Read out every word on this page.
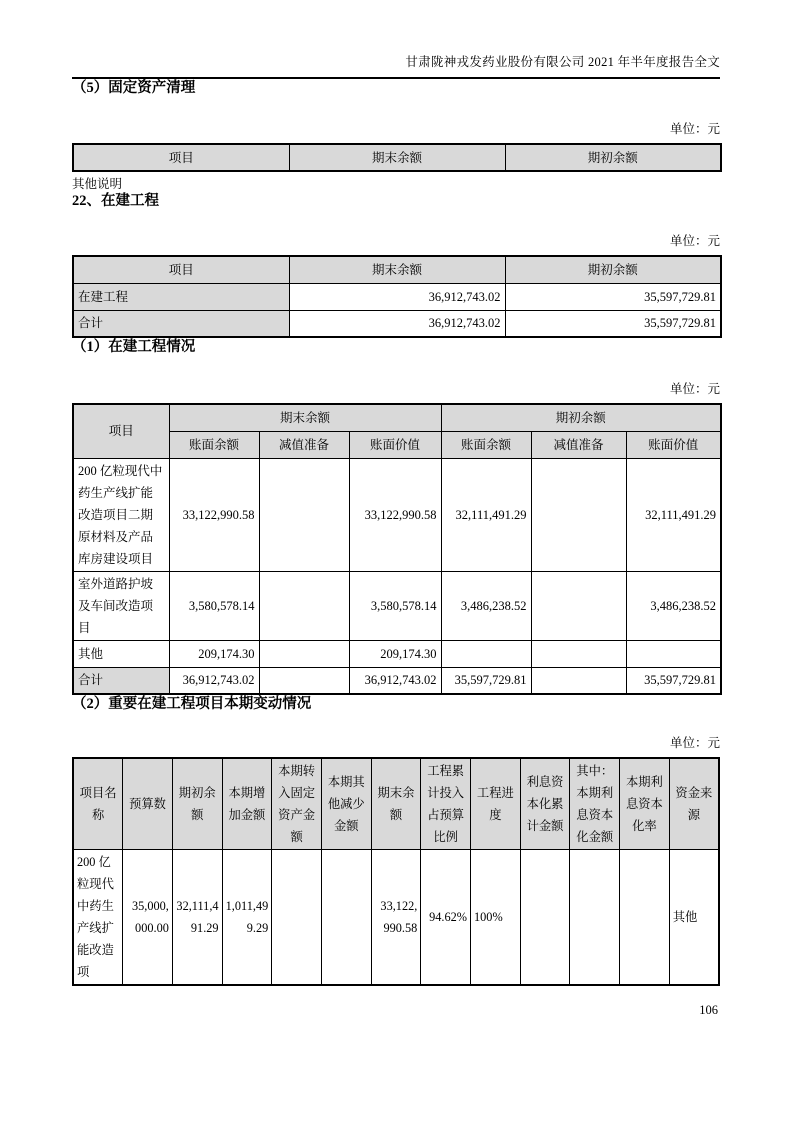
甘肃陇神戎发药业股份有限公司 2021 年半年度报告全文
（5）固定资产清理
单位：元
项目	期末余额	期初余额
其他说明
22、在建工程
单位：元
项目	期末余额	期初余额
在建工程	36,912,743.02	35,597,729.81
合计	36,912,743.02	35,597,729.81
（1）在建工程情况
单位：元
项目	期末余额			期初余额		
	账面余额	减值准备	账面价值	账面余额	减值准备	账面价值
200 亿粒现代中药生产线扩能改造项目二期原材料及产品库房建设项目	33,122,990.58		33,122,990.58	32,111,491.29		32,111,491.29
室外道路护坡及车间改造项目	3,580,578.14		3,580,578.14	3,486,238.52		3,486,238.52
其他	209,174.30		209,174.30			
合计	36,912,743.02		36,912,743.02	35,597,729.81		35,597,729.81
（2）重要在建工程项目本期变动情况
单位：元
项目名称	预算数	期初余额	本期增加金额	本期转入固定资产金额	本期其他减少金额	期末余额	工程累计投入占预算比例	工程进度	利息资本化累计金额	其中：本期利息资本化金额	本期利息资本化率	资金来源
200 亿粒现代中药生产线扩能改造项	35,000,000.00	32,111,491.29	1,011,499.29			33,122,990.58	94.62%	100%				其他
106
